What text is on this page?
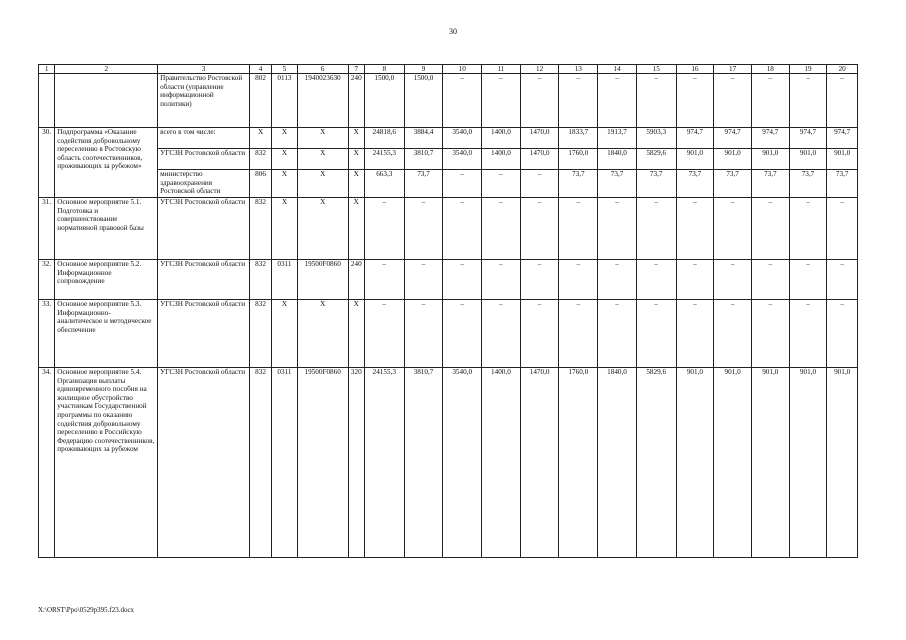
30
1	2	3	4	5	6	7	8	9	10	11	12	13	14	15	16	17	18	19	20
		Правительство Ростовской области (управление информационной политики)	802	0113	1940023630	240	1500,0	1500,0	–	–	–	–	–	–	–	–	–	–	–
30.	Подпрограмма «Оказание содействия добровольному переселению в Ростовскую область соотечественников, проживающих за рубежом»	всего в том числе:	X	X	X	X	24818,6	3884,4	3540,0	1400,0	1470,0	1833,7	1913,7	5903,3	974,7	974,7	974,7	974,7	974,7
		УГСЗН Ростовской области	832	X	X	X	24155,3	3810,7	3540,0	1400,0	1470,0	1760,0	1840,0	5829,6	901,0	901,0	901,0	901,0	901,0
		министерство здравоохранения Ростовской области	806	X	X	X	663,3	73,7	–	–	–	73,7	73,7	73,7	73,7	73,7	73,7	73,7	73,7
31.	Основное мероприятие 5.1. Подготовка и совершенствование нормативной правовой базы	УГСЗН Ростовской области	832	X	X	X	–	–	–	–	–	–	–	–	–	–	–	–	–
32.	Основное мероприятие 5.2. Информационное сопровождение	УГСЗН Ростовской области	832	0311	19500F0860	240	–	–	–	–	–	–	–	–	–	–	–	–	–
33.	Основное мероприятие 5.3. Информационно-аналитическое и методическое обеспечение	УГСЗН Ростовской области	832	X	X	X	–	–	–	–	–	–	–	–	–	–	–	–	–
34.	Основное мероприятие 5.4. Организация выплаты единовременного пособия на жилищное обустройство участникам Государственной программы по оказанию содействия добровольному переселению в Российскую Федерацию соотечественников, проживающих за рубежом	УГСЗН Ростовской области	832	0311	19500F0860	320	24155,3	3810,7	3540,0	1400,0	1470,0	1760,0	1840,0	5829,6	901,0	901,0	901,0	901,0	901,0
X:\ORST\Ppo\0529p395.f23.docx
